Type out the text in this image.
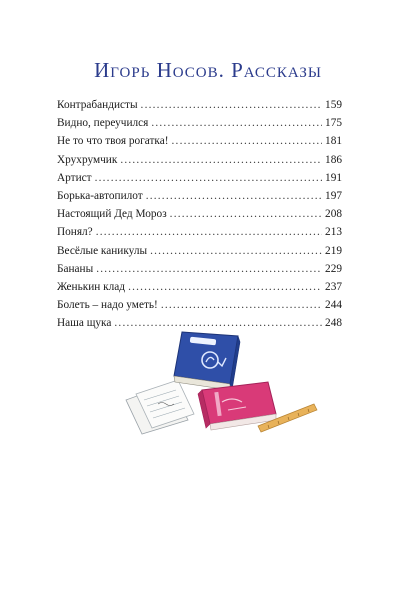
Игорь Носов. Рассказы
Контрабандисты .....	159
Видно, переучился .....	175
Не то что твоя рогатка! .....	181
Хрухрумчик .....	186
Артист .....	191
Борька-автопилот .....	197
Настоящий Дед Мороз .....	208
Понял? .....	213
Весёлые каникулы .....	219
Бананы .....	229
Женькин клад .....	237
Болеть – надо уметь! .....	244
Наша щука .....	248
